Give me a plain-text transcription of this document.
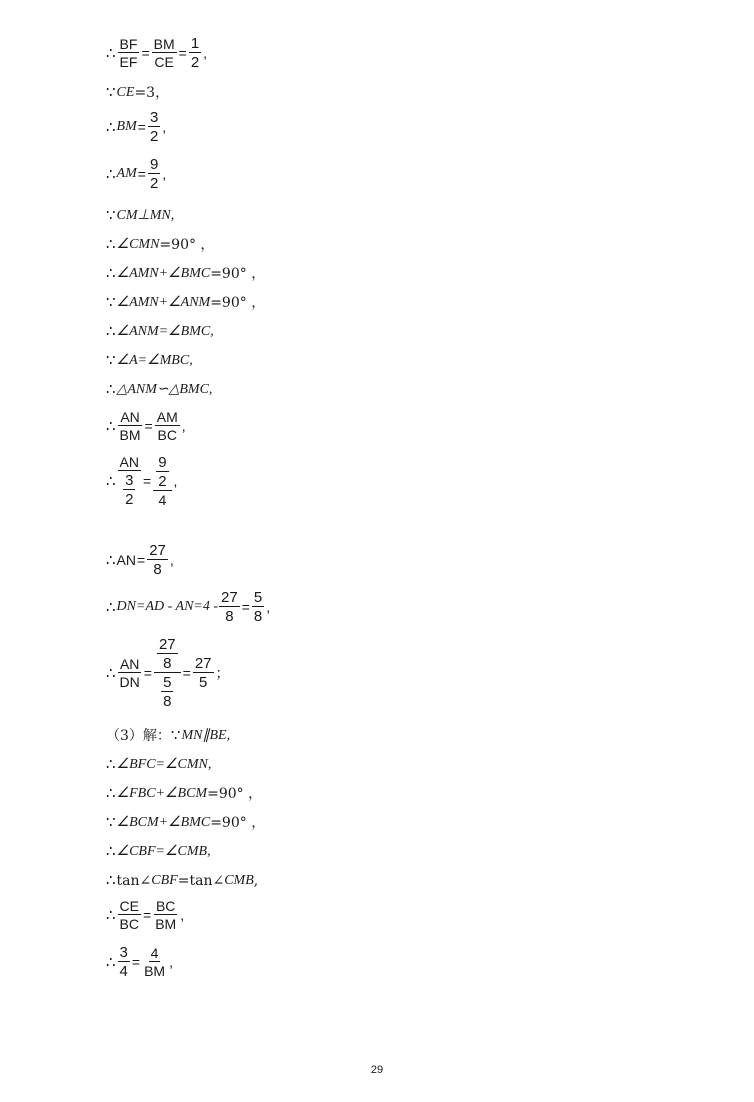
∴ $\frac{BF}{EF} = \frac{BM}{CE} = \frac{1}{2}$ ,
∵ CE =3，
∴ BM = $\frac{3}{2}$ ,
∴ AM = $\frac{9}{2}$ ,
∵ CM⊥MN,
∴ ∠CMN =90° ，
∴ ∠AMN+∠BMC =90° ，
∵ ∠AMN+∠ANM =90° ，
∴ ∠ANM=∠BMC,
∵ ∠A=∠MBC,
∴ △ANM∽△BMC,
∴ $\frac{AN}{BM} = \frac{AM}{BC}$ ,
∴ $\frac{AN}{\frac{3}{2}} = \frac{\frac{9}{2}}{4}$ ,
∴ AN = $\frac{27}{8}$ ,
∴ $DN=AD - AN=4 - \frac{27}{8} = \frac{5}{8}$ ,
∴ $\frac{AN}{DN} = \frac{\frac{27}{8}}{\frac{5}{8}} = \frac{27}{5}$ ；
（3）解： ∵ MN∥BE,
∴ ∠BFC=∠CMN,
∴ ∠FBC+∠BCM =90° ，
∵ ∠BCM+∠BMC =90° ，
∴ ∠CBF=∠CMB,
∴ tan∠ CBF =tan∠ CMB ,
∴ $\frac{CE}{BC} = \frac{BC}{BM}$ ,
∴ $\frac{3}{4} = \frac{4}{BM}$ ,
29
